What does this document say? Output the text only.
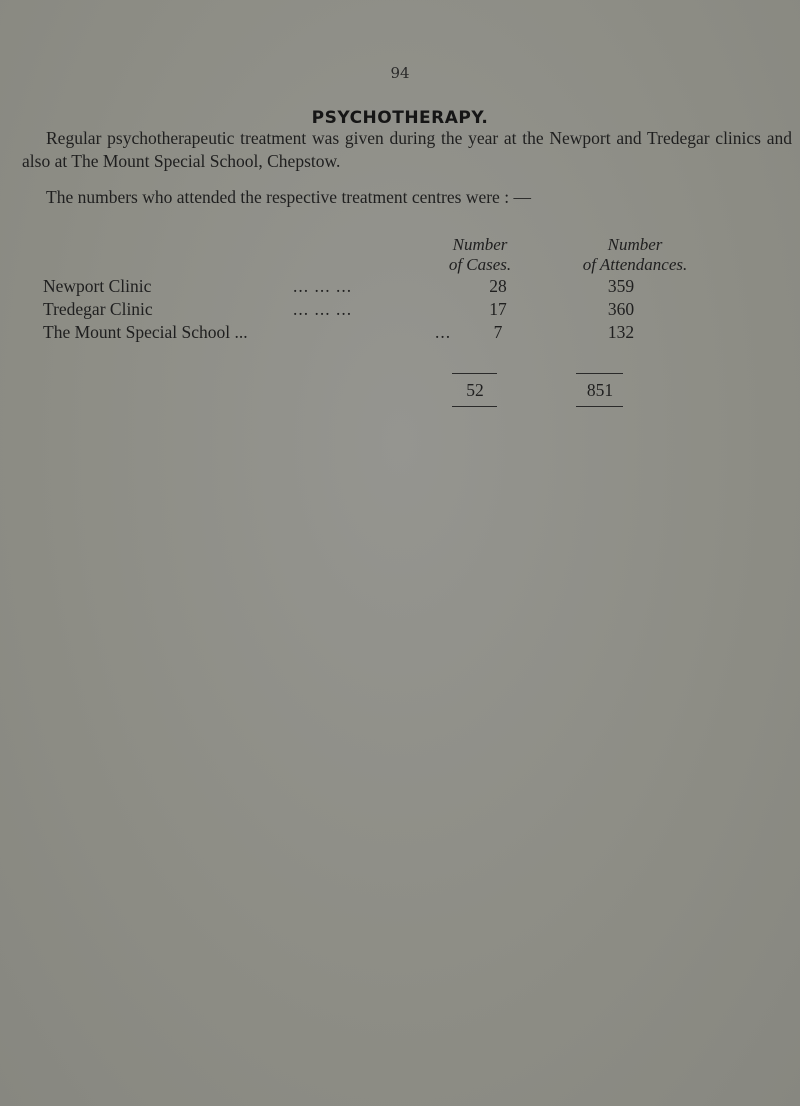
94
PSYCHOTHERAPY.
Regular psychotherapeutic treatment was given during the year at the Newport and Tredegar clinics and also at The Mount Special School, Chepstow.
The numbers who attended the respective treatment centres were : —
Number
of Cases.
Number
of Attendances.
Newport Clinic	... ... ...	28	359
Tredegar Clinic	... ... ...	17	360
The Mount Special School ...	...	7	132
52	851
